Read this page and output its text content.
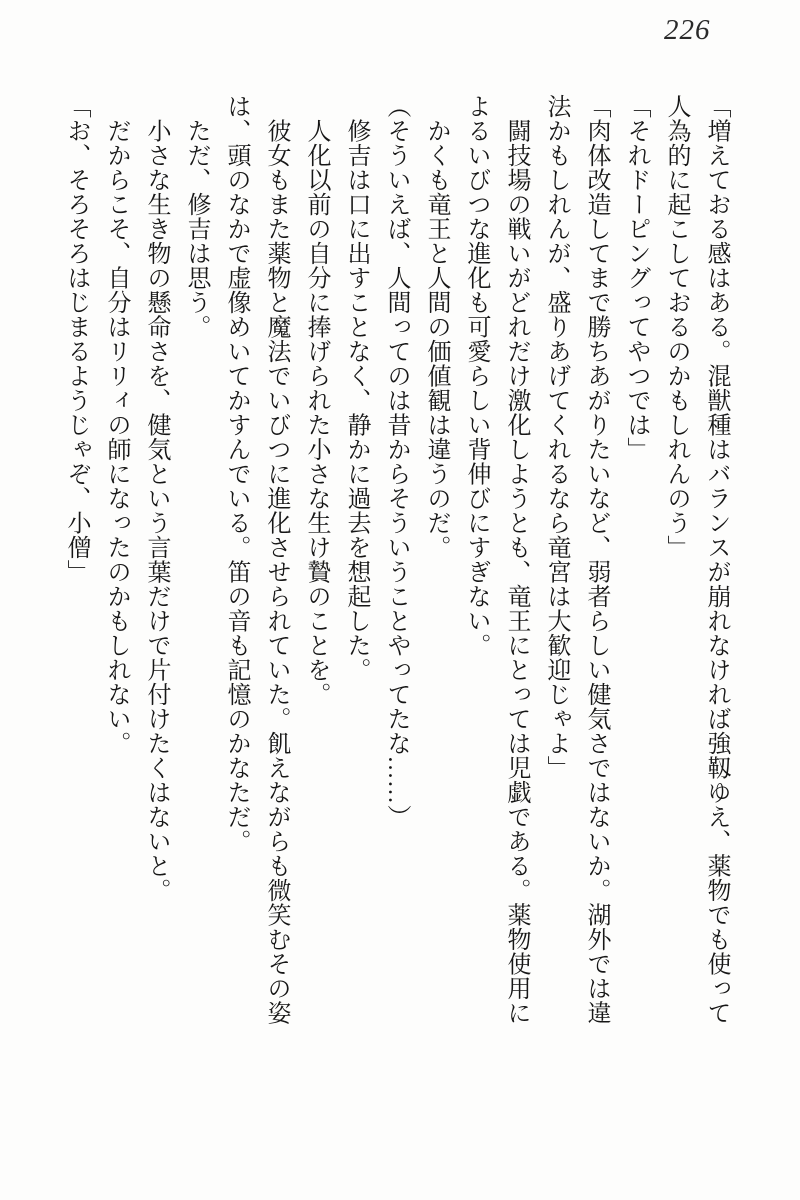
226

「増えておる感はある。混獣種はバランスが崩れなければ強靱ゆえ、薬物でも使って

人為的に起こしておるのかもしれんのう」

「それドーピングってやつでは」

「肉体改造してまで勝ちあがりたいなど、弱者らしい健気さではないか。湖外では違

法かもしれんが、盛りあげてくれるなら竜宮は大歓迎じゃよ」

　闘技場の戦いがどれだけ激化しようとも、竜王にとっては児戯である。薬物使用に

よるいびつな進化も可愛らしい背伸びにすぎない。

　かくも竜王と人間の価値観は違うのだ。

（そういえば、人間ってのは昔からそういうことやってたな……）

　修吉は口に出すことなく、静かに過去を想起した。

　人化以前の自分に捧げられた小さな生け贄のことを。

　彼女もまた薬物と魔法でいびつに進化させられていた。飢えながらも微笑むその姿

は、頭のなかで虚像めいてかすんでいる。笛の音も記憶のかなただ。

　ただ、修吉は思う。

　小さな生き物の懸命さを、健気という言葉だけで片付けたくはないと。

　だからこそ、自分はリリィの師になったのかもしれない。

「お、そろそろはじまるようじゃぞ、小僧」
